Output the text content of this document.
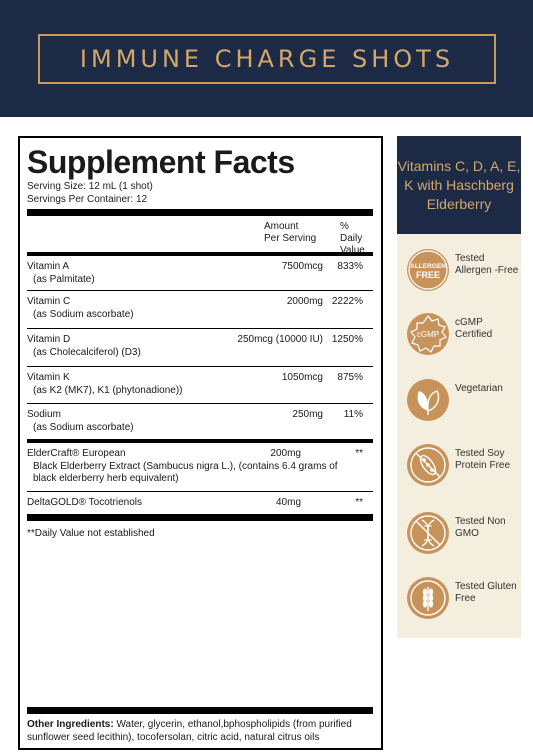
IMMUNE CHARGE SHOTS
Supplement Facts
Serving Size: 12 mL (1 shot)
Servings Per Container: 12
Amount
Per Serving
% Daily
Value
Vitamin A
(as Palmitate)
7500mcg 833%
Vitamin C
(as Sodium ascorbate)
2000mg 2222%
Vitamin D
(as Cholecalciferol) (D3)
250mcg (10000 IU) 1250%
Vitamin K
(as K2 (MK7), K1 (phytonadione))
1050mcg 875%
Sodium
(as Sodium ascorbate)
250mg 11%
ElderCraft® European
Black Elderberry Extract (Sambucus nigra L.), (contains 6.4 grams of
black elderberry herb equivalent)
200mg	**
DeltaGOLD® Tocotrienols	40mg	**
**Daily Value not established
Other Ingredients: Water, glycerin, ethanol,bphospholipids (from purified sunflower seed lecithin), tocofersolan, citric acid, natural citrus oils
Vitamins C, D, A, E, K with Haschberg Elderberry
ALLERGEN
FREE
Tested Allergen -Free
cGMP
cGMP Certified
Vegetarian
Tested Soy Protein Free
Tested Non GMO
Tested Gluten Free
